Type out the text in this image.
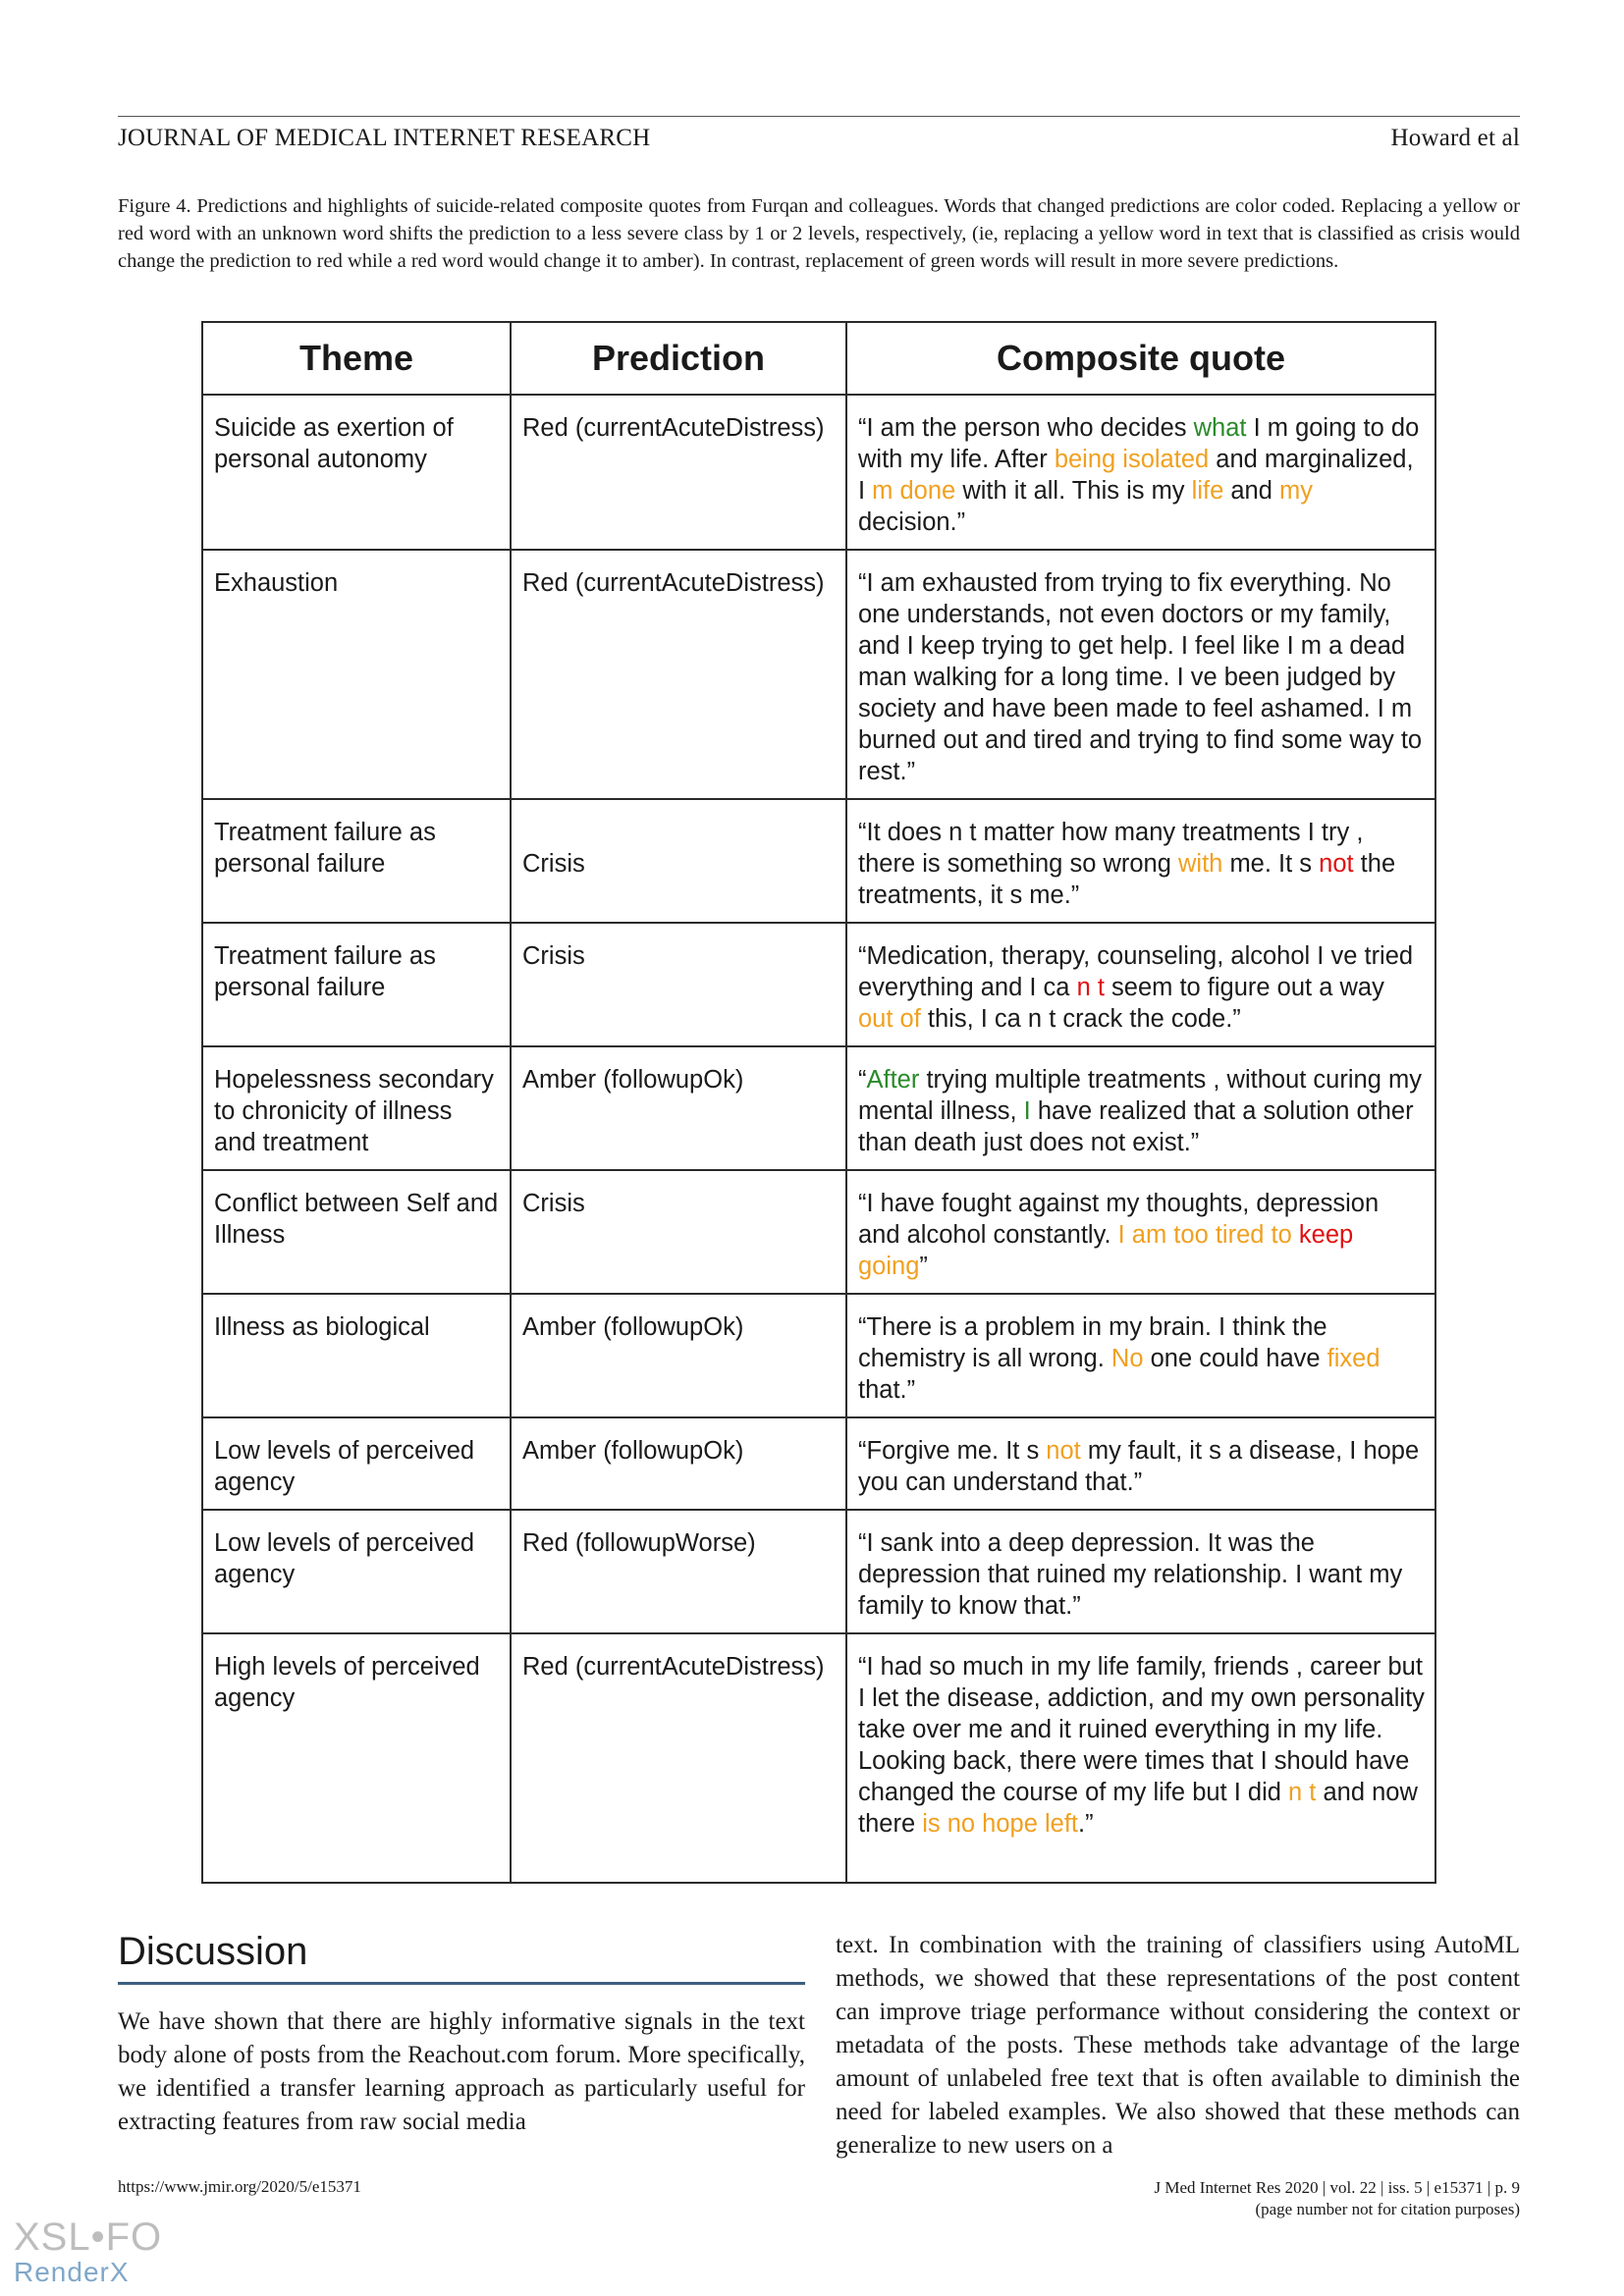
JOURNAL OF MEDICAL INTERNET RESEARCH	Howard et al
Figure 4. Predictions and highlights of suicide-related composite quotes from Furqan and colleagues. Words that changed predictions are color coded. Replacing a yellow or red word with an unknown word shifts the prediction to a less severe class by 1 or 2 levels, respectively, (ie, replacing a yellow word in text that is classified as crisis would change the prediction to red while a red word would change it to amber). In contrast, replacement of green words will result in more severe predictions.
Theme	Prediction	Composite quote
Suicide as exertion of personal autonomy	Red (currentAcuteDistress)	“I am the person who decides what I m going to do with my life. After being isolated and marginalized, I m done with it all. This is my life and my decision.”
Exhaustion	Red (currentAcuteDistress)	“I am exhausted from trying to fix everything. No one understands, not even doctors or my family, and I keep trying to get help. I feel like I m a dead man walking for a long time. I ve been judged by society and have been made to feel ashamed. I m burned out and tired and trying to find some way to rest.”
Treatment failure as personal failure	Crisis	“It does n t matter how many treatments I try , there is something so wrong with me. It s not the treatments, it s me.”
Treatment failure as personal failure	Crisis	“Medication, therapy, counseling, alcohol I ve tried everything and I ca n t seem to figure out a way out of this, I ca n t crack the code.”
Hopelessness secondary to chronicity of illness and treatment	Amber (followupOk)	“After trying multiple treatments , without curing my mental illness, I have realized that a solution other than death just does not exist.”
Conflict between Self and Illness	Crisis	“I have fought against my thoughts, depression and alcohol constantly. I am too tired to keep going”
Illness as biological	Amber (followupOk)	“There is a problem in my brain. I think the chemistry is all wrong. No one could have fixed that.”
Low levels of perceived agency	Amber (followupOk)	“Forgive me. It s not my fault, it s a disease, I hope you can understand that.”
Low levels of perceived agency	Red (followupWorse)	“I sank into a deep depression. It was the depression that ruined my relationship. I want my family to know that.”
High levels of perceived agency	Red (currentAcuteDistress)	“I had so much in my life family, friends , career but I let the disease, addiction, and my own personality take over me and it ruined everything in my life. Looking back, there were times that I should have changed the course of my life but I did n t and now there is no hope left.”
Discussion
We have shown that there are highly informative signals in the text body alone of posts from the Reachout.com forum. More specifically, we identified a transfer learning approach as particularly useful for extracting features from raw social media
text. In combination with the training of classifiers using AutoML methods, we showed that these representations of the post content can improve triage performance without considering the context or metadata of the posts. These methods take advantage of the large amount of unlabeled free text that is often available to diminish the need for labeled examples. We also showed that these methods can generalize to new users on a
https://www.jmir.org/2020/5/e15371	J Med Internet Res 2020 | vol. 22 | iss. 5 | e15371 | p. 9
(page number not for citation purposes)
XSL•FO
RenderX
